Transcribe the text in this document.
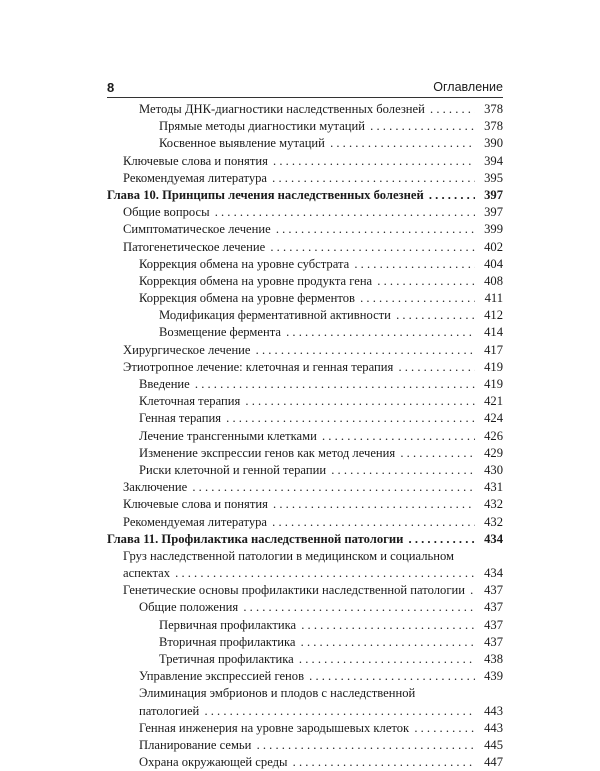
8	Оглавление
Методы ДНК-диагностики наследственных болезней . . .	378
Прямые методы диагностики мутаций . . .	378
Косвенное выявление мутаций . . .	390
Ключевые слова и понятия . . .	394
Рекомендуемая литература . . .	395
Глава 10. Принципы лечения наследственных болезней . . .	397
Общие вопросы . . .	397
Симптоматическое лечение . . .	399
Патогенетическое лечение . . .	402
Коррекция обмена на уровне субстрата . . .	404
Коррекция обмена на уровне продукта гена . . .	408
Коррекция обмена на уровне ферментов . . .	411
Модификация ферментативной активности . . .	412
Возмещение фермента . . .	414
Хирургическое лечение . . .	417
Этиотропное лечение: клеточная и генная терапия . . .	419
Введение . . .	419
Клеточная терапия . . .	421
Генная терапия . . .	424
Лечение трансгенными клетками . . .	426
Изменение экспрессии генов как метод лечения . . .	429
Риски клеточной и генной терапии . . .	430
Заключение . . .	431
Ключевые слова и понятия . . .	432
Рекомендуемая литература . . .	432
Глава 11. Профилактика наследственной патологии . . .	434
Груз наследственной патологии в медицинском и социальном
аспектах . . .	434
Генетические основы профилактики наследственной патологии . . .	437
Общие положения . . .	437
Первичная профилактика . . .	437
Вторичная профилактика . . .	437
Третичная профилактика . . .	438
Управление экспрессией генов . . .	439
Элиминация эмбрионов и плодов с наследственной
патологией . . .	443
Генная инженерия на уровне зародышевых клеток . . .	443
Планирование семьи . . .	445
Охрана окружающей среды . . .	447
